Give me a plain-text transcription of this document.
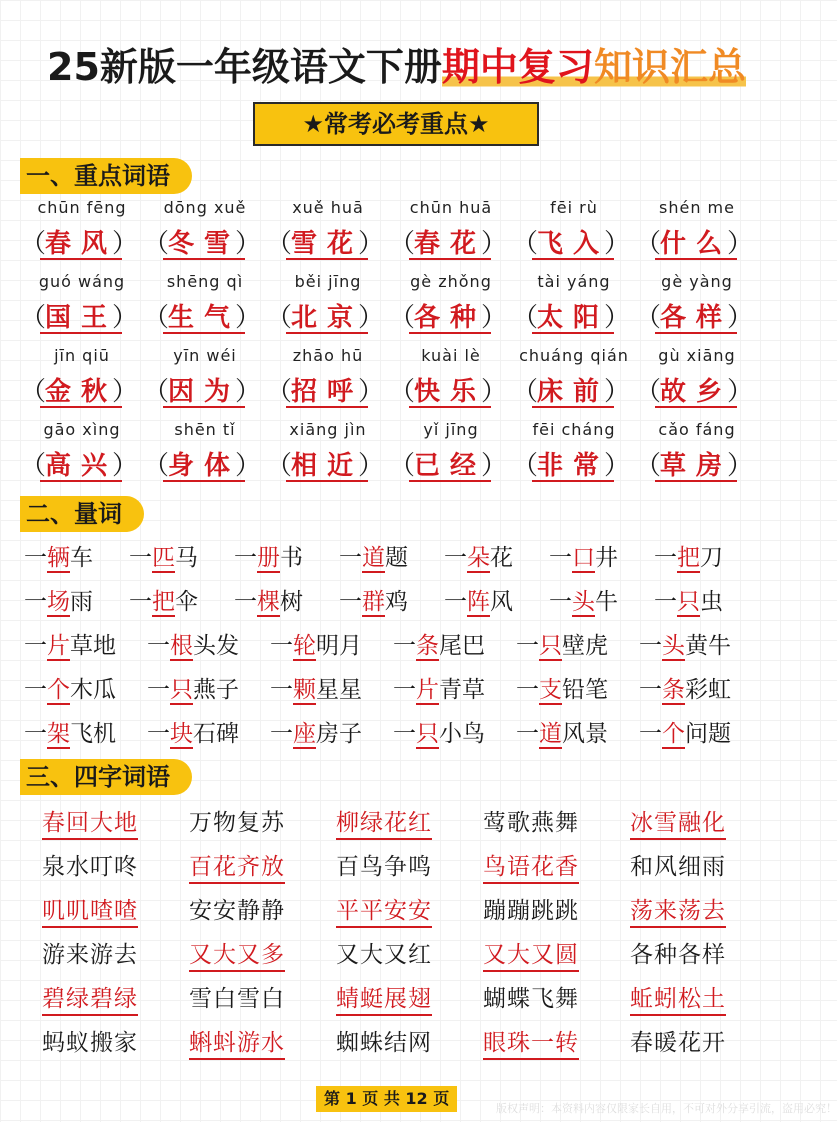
25新版一年级语文下册期中复习知识汇总
★常考必考重点★
一、重点词语
chūn fēng
（
春风
）
dōng xuě
（
冬雪
）
xuě huā
（
雪花
）
chūn huā
（
春花
）
fēi rù
（
飞入
）
shén me
（
什么
）
guó wáng
（
国王
）
shēng qì
（
生气
）
běi jīng
（
北京
）
gè zhǒng
（
各种
）
tài yáng
（
太阳
）
gè yàng
（
各样
）
jīn qiū
（
金秋
）
yīn wéi
（
因为
）
zhāo hū
（
招呼
）
kuài lè
（
快乐
）
chuáng qián
（
床前
）
gù xiāng
（
故乡
）
gāo xìng
（
高兴
）
shēn tǐ
（
身体
）
xiāng jìn
（
相近
）
yǐ jīng
（
已经
）
fēi cháng
（
非常
）
cǎo fáng
（
草房
）
二、量词
一辆车 一匹马 一册书 一道题 一朵花 一口井 一把刀
一场雨 一把伞 一棵树 一群鸡 一阵风 一头牛 一只虫
一片草地 一根头发 一轮明月 一条尾巴 一只壁虎 一头黄牛
一个木瓜 一只燕子 一颗星星 一片青草 一支铅笔 一条彩虹
一架飞机 一块石碑 一座房子 一只小鸟 一道风景 一个问题
三、四字词语
春回大地 万物复苏 柳绿花红 莺歌燕舞 冰雪融化
泉水叮咚 百花齐放 百鸟争鸣 鸟语花香 和风细雨
叽叽喳喳 安安静静 平平安安 蹦蹦跳跳 荡来荡去
游来游去 又大又多 又大又红 又大又圆 各种各样
碧绿碧绿 雪白雪白 蜻蜓展翅 蝴蝶飞舞 蚯蚓松土
蚂蚁搬家 蝌蚪游水 蜘蛛结网 眼珠一转 春暖花开
第 1 页 共 12 页
版权声明：本资料内容仅限家长自用，不可对外分享引流，盗用必究！
